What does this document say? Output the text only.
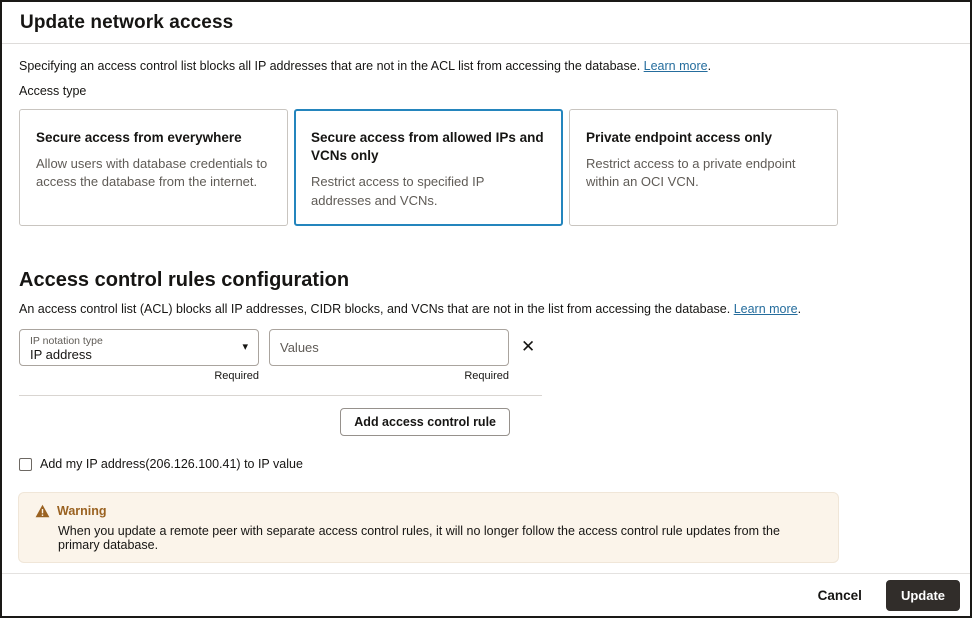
Update network access
Specifying an access control list blocks all IP addresses that are not in the ACL list from accessing the database. Learn more.
Access type
Secure access from everywhere
Allow users with database credentials to access the database from the internet.
Secure access from allowed IPs and VCNs only
Restrict access to specified IP addresses and VCNs.
Private endpoint access only
Restrict access to a private endpoint within an OCI VCN.
Access control rules configuration
An access control list (ACL) blocks all IP addresses, CIDR blocks, and VCNs that are not in the list from accessing the database. Learn more.
IP notation type
IP address
▾
Required
Values	Required
✕
Add access control rule
Add my IP address(206.126.100.41) to IP value
Warning
When you update a remote peer with separate access control rules, it will no longer follow the access control rule updates from the primary database.
Cancel	Update
